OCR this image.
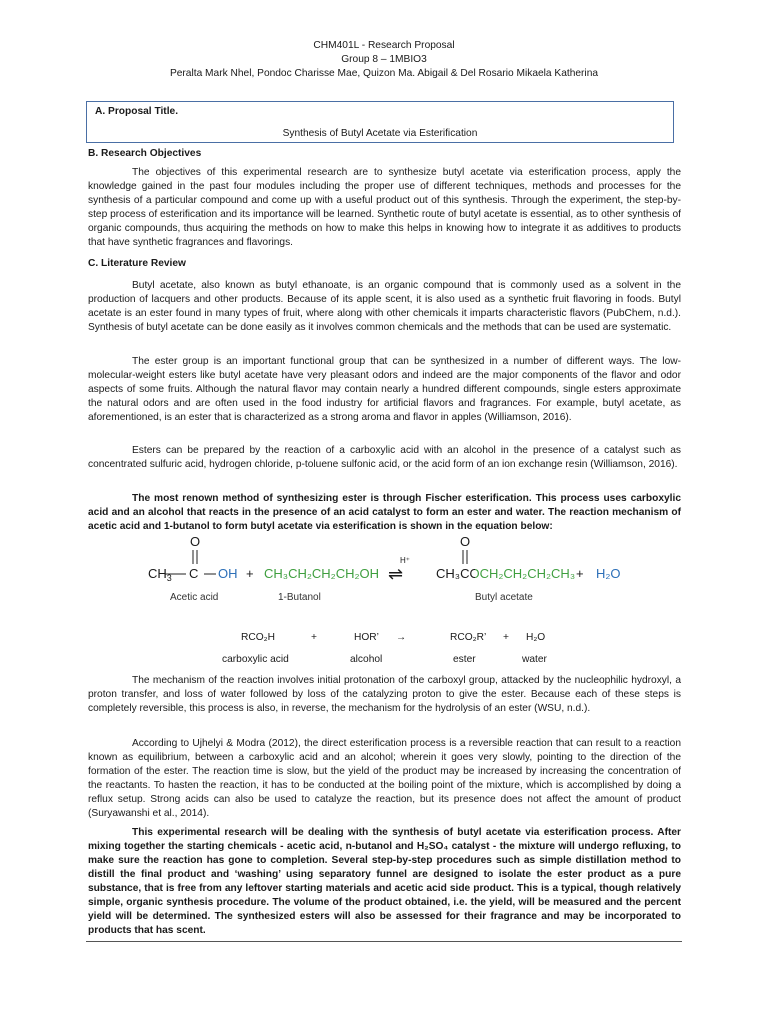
CHM401L - Research Proposal
Group 8 – 1MBIO3
Peralta Mark Nhel, Pondoc Charisse Mae, Quizon Ma. Abigail & Del Rosario Mikaela Katherina
A. Proposal Title.
Synthesis of Butyl Acetate via Esterification
B. Research Objectives

The objectives of this experimental research are to synthesize butyl acetate via esterification process, apply the knowledge gained in the past four modules including the proper use of different techniques, methods and processes for the synthesis of a particular compound and come up with a useful product out of this synthesis. Through the experiment, the step-by-step process of esterification and its importance will be learned. Synthetic route of butyl acetate is essential, as to other synthesis of organic compounds, thus acquiring the methods on how to make this helps in knowing how to integrate it as additives to products that have synthetic fragrances and flavorings.

C. Literature Review

Butyl acetate, also known as butyl ethanoate, is an organic compound that is commonly used as a solvent in the production of lacquers and other products. Because of its apple scent, it is also used as a synthetic fruit flavoring in foods. Butyl acetate is an ester found in many types of fruit, where along with other chemicals it imparts characteristic flavors (PubChem, n.d.). Synthesis of butyl acetate can be done easily as it involves common chemicals and the methods that can be used are systematic.

The ester group is an important functional group that can be synthesized in a number of different ways. The low-molecular-weight esters like butyl acetate have very pleasant odors and indeed are the major components of the flavor and odor aspects of some fruits. Although the natural flavor may contain nearly a hundred different compounds, single esters approximate the natural odors and are often used in the food industry for artificial flavors and fragrances. For example, butyl acetate, as aforementioned, is an ester that is characterized as a strong aroma and flavor in apples (Williamson, 2016).

Esters can be prepared by the reaction of a carboxylic acid with an alcohol in the presence of a catalyst such as concentrated sulfuric acid, hydrogen chloride, p-toluene sulfonic acid, or the acid form of an ion exchange resin (Williamson, 2016).

The most renown method of synthesizing ester is through Fischer esterification. This process uses carboxylic acid and an alcohol that reacts in the presence of an acid catalyst to form an ester and water. The reaction mechanism of acetic acid and 1-butanol to form butyl acetate via esterification is shown in the equation below:

O
$CH_3$ C OH + CH₃CH₂CH₂CH₂OH
H⁺
⇌
O
CH₃COCH₂CH₂CH₂CH₃ + H₂O
Acetic acid	1-Butanol	Butyl acetate
RCO₂H	+	HOR’ →	RCO₂R’ + H₂O
carboxylic acid	alcohol	ester	water

The mechanism of the reaction involves initial protonation of the carboxyl group, attacked by the nucleophilic hydroxyl, a proton transfer, and loss of water followed by loss of the catalyzing proton to give the ester. Because each of these steps is completely reversible, this process is also, in reverse, the mechanism for the hydrolysis of an ester (WSU, n.d.).

According to Ujhelyi & Modra (2012), the direct esterification process is a reversible reaction that can result to a reaction known as equilibrium, between a carboxylic acid and an alcohol; wherein it goes very slowly, pointing to the direction of the formation of the ester. The reaction time is slow, but the yield of the product may be increased by increasing the concentration of the reactants. To hasten the reaction, it has to be conducted at the boiling point of the mixture, which is accomplished by doing a reflux setup. Strong acids can also be used to catalyze the reaction, but its presence does not affect the amount of product (Suryawanshi et al., 2014).

This experimental research will be dealing with the synthesis of butyl acetate via esterification process. After mixing together the starting chemicals - acetic acid, n-butanol and H₂SO₄ catalyst - the mixture will undergo refluxing, to make sure the reaction has gone to completion. Several step-by-step procedures such as simple distillation method to distill the final product and ‘washing’ using separatory funnel are designed to isolate the ester product as a pure substance, that is free from any leftover starting materials and acetic acid side product. This is a typical, though relatively simple, organic synthesis procedure. The volume of the product obtained, i.e. the yield, will be measured and the percent yield will be determined. The synthesized esters will also be assessed for their fragrance and may be incorporated to products that has scent.
